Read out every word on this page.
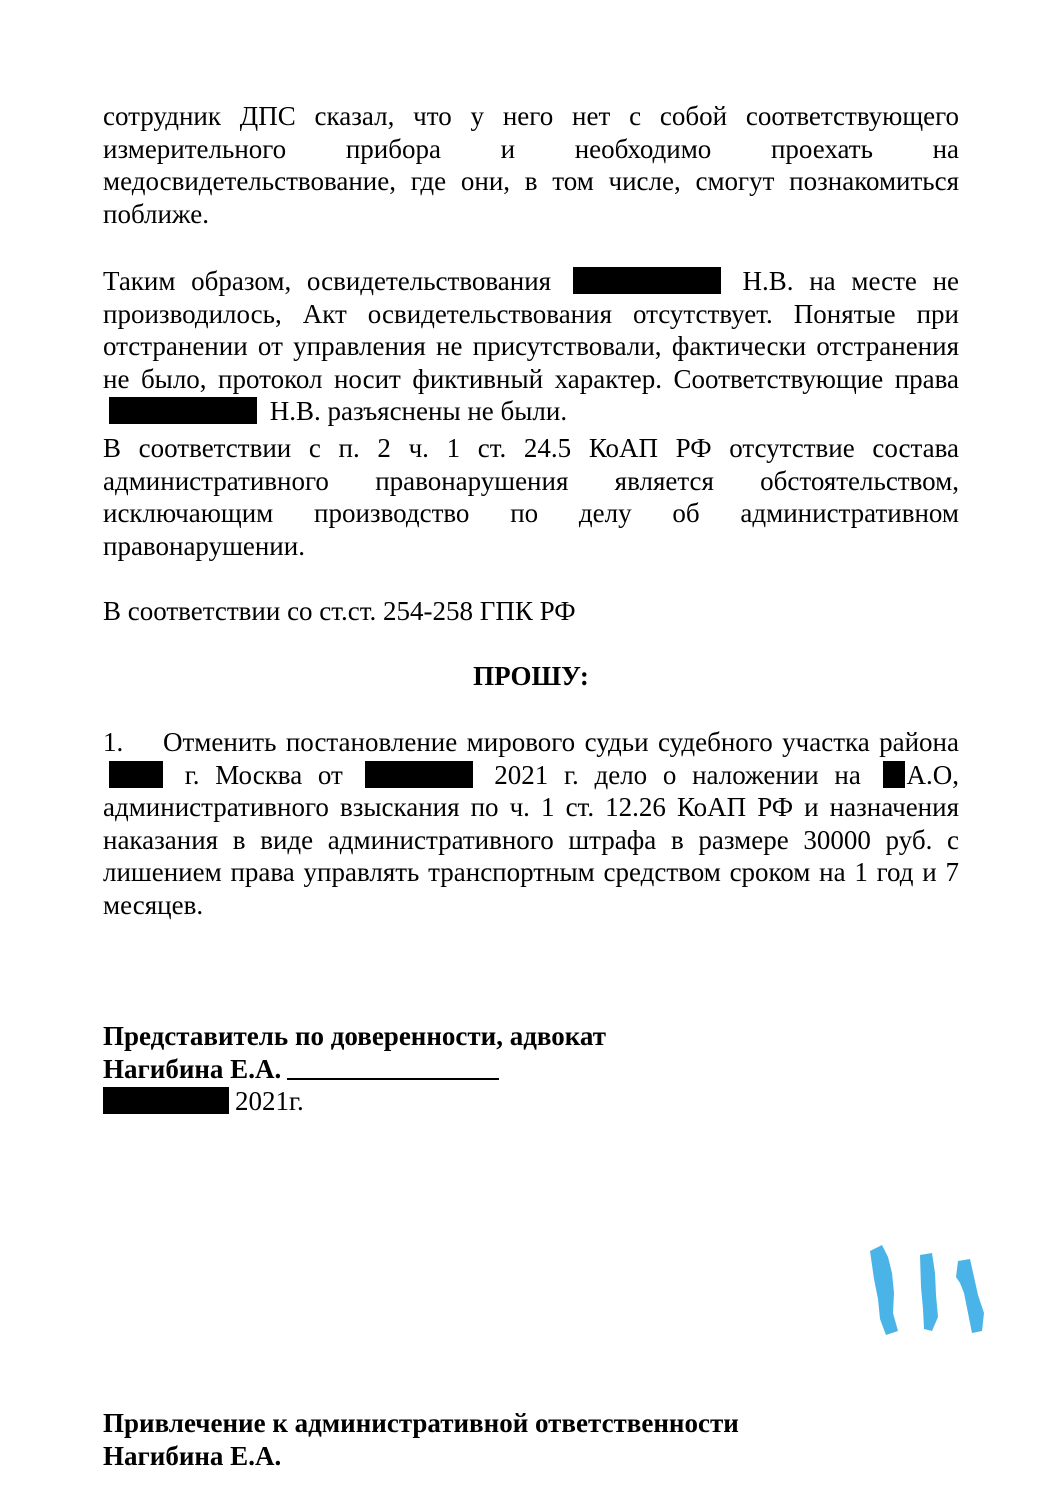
сотрудник ДПС сказал, что у него нет с собой соответствующего измерительного прибора и необходимо проехать на медосвидетельствование, где они, в том числе, смогут познакомиться поближе.

Таким образом, освидетельствования	Н.В. на месте не производилось, Акт освидетельствования отсутствует. Понятые при отстранении от управления не присутствовали, фактически отстранения не было, протокол носит фиктивный характер. Соответствующие права  Н.В. разъяснены не были.

В соответствии с п. 2 ч. 1 ст. 24.5 КоАП РФ отсутствие состава административного правонарушения является обстоятельством, исключающим производство по делу об административном правонарушении.

В соответствии со ст.ст. 254-258 ГПК РФ

ПРОШУ:

1. Отменить постановление мирового судьи судебного участка района  г. Москва от	2021 г. дело о наложении на А.О, административного взыскания по ч. 1 ст. 12.26 КоАП РФ и назначения наказания в виде административного штрафа в размере 30000 руб. с лишением права управлять транспортным средством сроком на 1 год и 7 месяцев.

Представитель по доверенности, адвокат
Нагибина Е.А.
2021г.
Привлечение к административной ответственности
Нагибина Е.А.
